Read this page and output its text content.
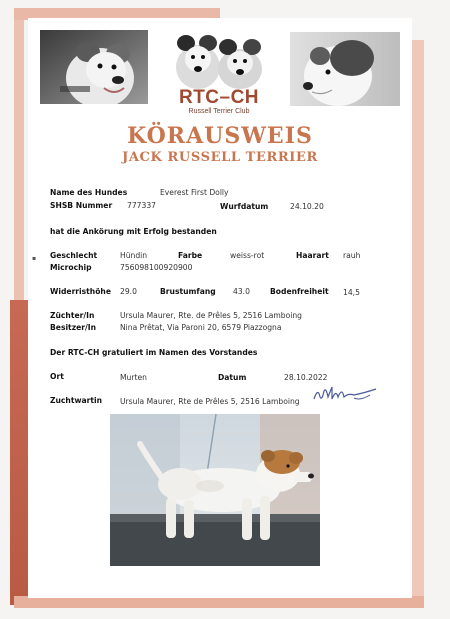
RTC–CH
Russell Terrier Club
KÖRAUSWEIS
JACK RUSSELL TERRIER
Name des Hundes	Everest First Dolly
SHSB Nummer 777337	Wurfdatum	24.10.20
hat die Ankörung mit Erfolg bestanden
▪ Geschlecht	Hündin	Farbe	weiss-rot	Haarart rauh
Microchip	756098100920900
Widerristhöhe 29.0	Brustumfang 43.0	Bodenfreiheit 14,5
Züchter/In	Ursula Maurer, Rte. de Prêles 5, 2516 Lamboing
Besitzer/In	Nina Prêtat, Via Paroni 20, 6579 Piazzogna
Der RTC-CH gratuliert im Namen des Vorstandes
Ort	Murten	Datum	28.10.2022
Zuchtwartin Ursula Maurer, Rte de Prêles 5, 2516 Lamboing
